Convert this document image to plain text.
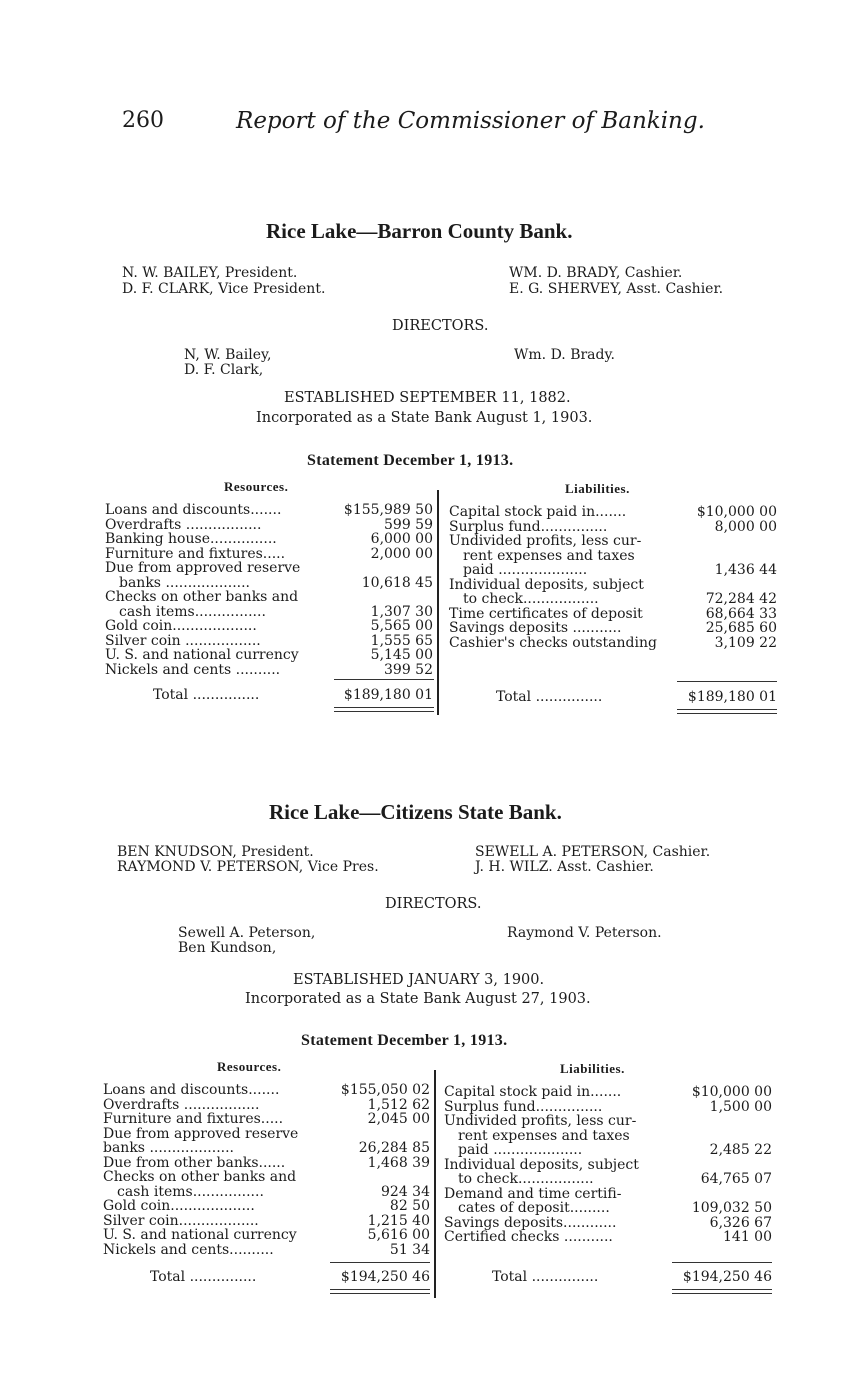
260	Report of the Commissioner of Banking.
Rice Lake—Barron County Bank.
N. W. BAILEY, President.
D. F. CLARK, Vice President.
WM. D. BRADY, Cashier.
E. G. SHERVEY, Asst. Cashier.
DIRECTORS.
N, W. Bailey,
D. F. Clark,
Wm. D. Brady.
ESTABLISHED SEPTEMBER 11, 1882.
Incorporated as a State Bank August 1, 1903.
Statement December 1, 1913.
Resources.	Liabilities.
Loans and discounts.......	$155,989 50
Overdrafts .................	599 59
Banking house...............	6,000 00
Furniture and fixtures.....	2,000 00
Due from approved reserve
banks ...................	10,618 45
Checks on other banks and
cash items................	1,307 30
Gold coin...................	5,565 00
Silver coin .................	1,555 65
U. S. and national currency	5,145 00
Nickels and cents ..........	399 52
Total ...............	$189,180 01
Capital stock paid in.......	$10,000 00
Surplus fund...............	8,000 00
Undivided profits, less cur-
rent expenses and taxes
paid ....................	1,436 44
Individual deposits, subject
to check.................	72,284 42
Time certificates of deposit	68,664 33
Savings deposits ...........	25,685 60
Cashier's checks outstanding	3,109 22
Total ...............	$189,180 01
Rice Lake—Citizens State Bank.
BEN KNUDSON, President.
RAYMOND V. PETERSON, Vice Pres.
SEWELL A. PETERSON, Cashier.
J. H. WILZ. Asst. Cashier.
DIRECTORS.
Sewell A. Peterson,
Ben Kundson,
Raymond V. Peterson.
ESTABLISHED JANUARY 3, 1900.
Incorporated as a State Bank August 27, 1903.
Statement December 1, 1913.
Resources.	Liabilities.
Loans and discounts.......	$155,050 02
Overdrafts .................	1,512 62
Furniture and fixtures.....	2,045 00
Due from approved reserve
banks ...................	26,284 85
Due from other banks......	1,468 39
Checks on other banks and
cash items................	924 34
Gold coin...................	82 50
Silver coin..................	1,215 40
U. S. and national currency	5,616 00
Nickels and cents..........	51 34
Total ...............	$194,250 46
Capital stock paid in.......	$10,000 00
Surplus fund...............	1,500 00
Undivided profits, less cur-
rent expenses and taxes
paid ....................	2,485 22
Individual deposits, subject
to check.................	64,765 07
Demand and time certifi-
cates of deposit.........	109,032 50
Savings deposits............	6,326 67
Certified checks ...........	141 00
Total ...............	$194,250 46
